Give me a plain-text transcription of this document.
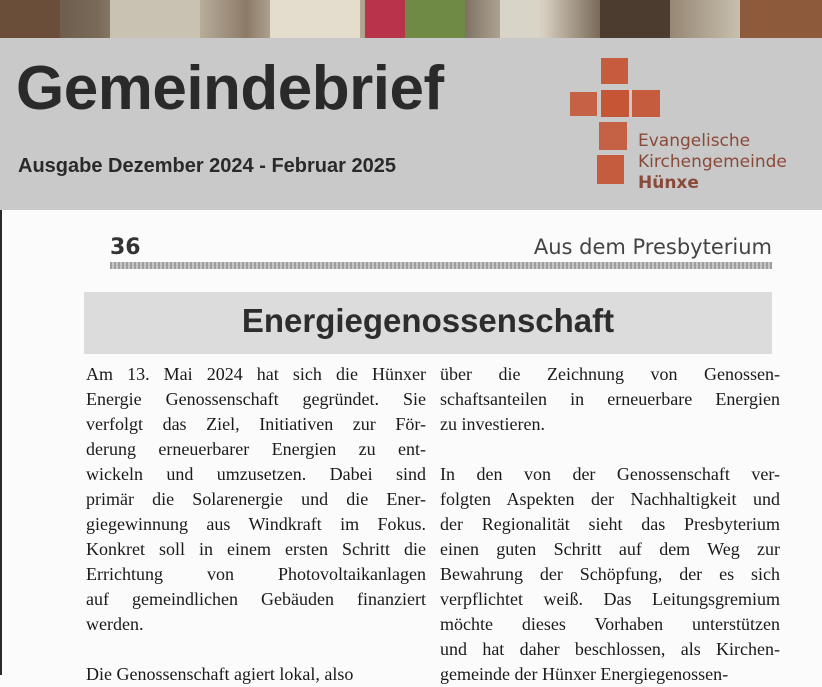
Gemeindebrief
Ausgabe Dezember 2024 - Februar 2025
Evangelische
Kirchengemeinde
Hünxe
36	Aus dem Presbyterium
Energiegenossenschaft

Am 13. Mai 2024 hat sich die Hünxer

Energie Genossenschaft gegründet. Sie

verfolgt das Ziel, Initiativen zur För-

derung erneuerbarer Energien zu ent-

wickeln und umzusetzen. Dabei sind

primär die Solarenergie und die Ener-

giegewinnung aus Windkraft im Fokus.

Konkret soll in einem ersten Schritt die

Errichtung von Photovoltaikanlagen

auf gemeindlichen Gebäuden finanziert

werden.

Die Genossenschaft agiert lokal, also

über die Zeichnung von Genossen-

schaftsanteilen in erneuerbare Energien

zu investieren.

In den von der Genossenschaft ver-

folgten Aspekten der Nachhaltigkeit und

der Regionalität sieht das Presbyterium

einen guten Schritt auf dem Weg zur

Bewahrung der Schöpfung, der es sich

verpflichtet weiß. Das Leitungsgremium

möchte dieses Vorhaben unterstützen

und hat daher beschlossen, als Kirchen-

gemeinde der Hünxer Energiegenossen-
